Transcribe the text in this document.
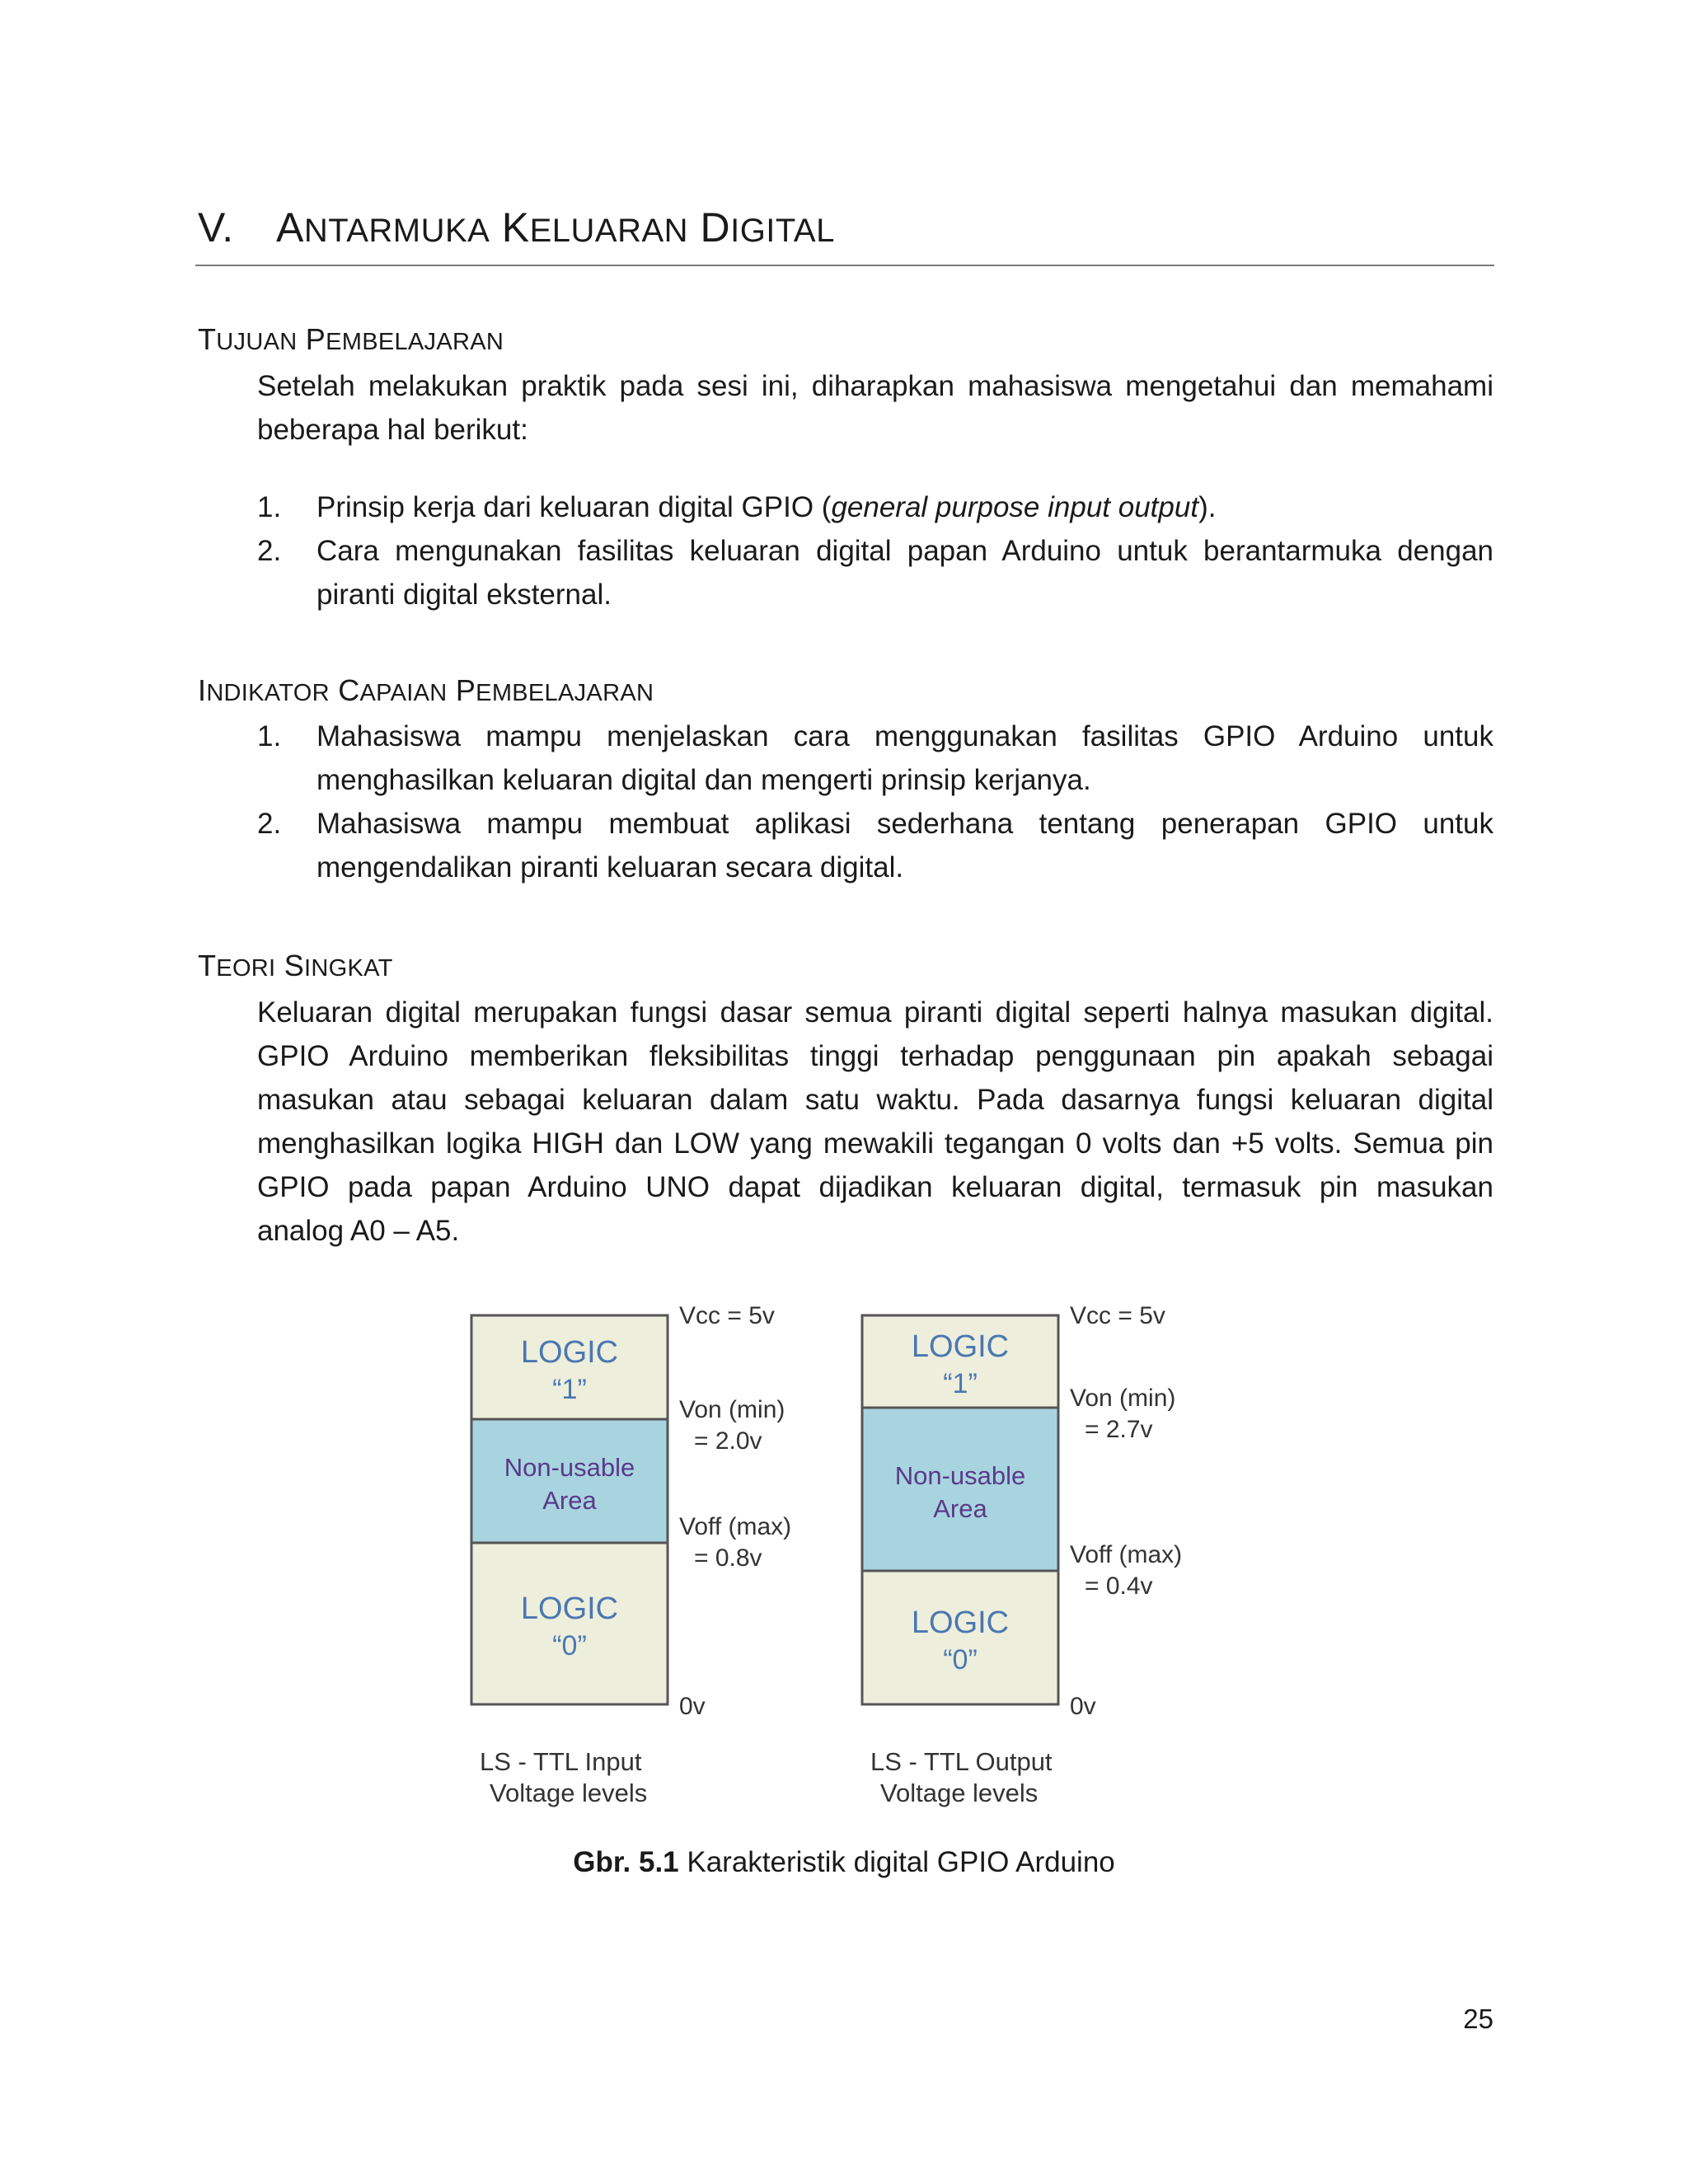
V. ANTARMUKA KELUARAN DIGITAL
TUJUAN PEMBELAJARAN

Setelah melakukan praktik pada sesi ini, diharapkan mahasiswa mengetahui dan memahami
beberapa hal berikut:

1. Prinsip kerja dari keluaran digital GPIO (general purpose input output).
2. Cara mengunakan fasilitas keluaran digital papan Arduino untuk berantarmuka dengan
piranti digital eksternal.
INDIKATOR CAPAIAN PEMBELAJARAN
1. Mahasiswa mampu menjelaskan cara menggunakan fasilitas GPIO Arduino untuk
menghasilkan keluaran digital dan mengerti prinsip kerjanya.
2. Mahasiswa mampu membuat aplikasi sederhana tentang penerapan GPIO untuk
mengendalikan piranti keluaran secara digital.
TEORI SINGKAT

Keluaran digital merupakan fungsi dasar semua piranti digital seperti halnya masukan digital.
GPIO Arduino memberikan fleksibilitas tinggi terhadap penggunaan pin apakah sebagai
masukan atau sebagai keluaran dalam satu waktu. Pada dasarnya fungsi keluaran digital
menghasilkan logika HIGH dan LOW yang mewakili tegangan 0 volts dan +5 volts. Semua pin
GPIO pada papan Arduino UNO dapat dijadikan keluaran digital, termasuk pin masukan
analog A0 – A5.

LOGIC
“1”
Non-usable
Area
LOGIC
“0”
Vcc = 5v
Von (min)
= 2.0v
Voff (max)
= 0.8v
0v
LS - TTL Input
Voltage levels
LOGIC
“1”
Non-usable
Area
LOGIC
“0”
Vcc = 5v
Von (min)
= 2.7v
Voff (max)
= 0.4v
0v
LS - TTL Output
Voltage levels

Gbr. 5.1 Karakteristik digital GPIO Arduino

25
